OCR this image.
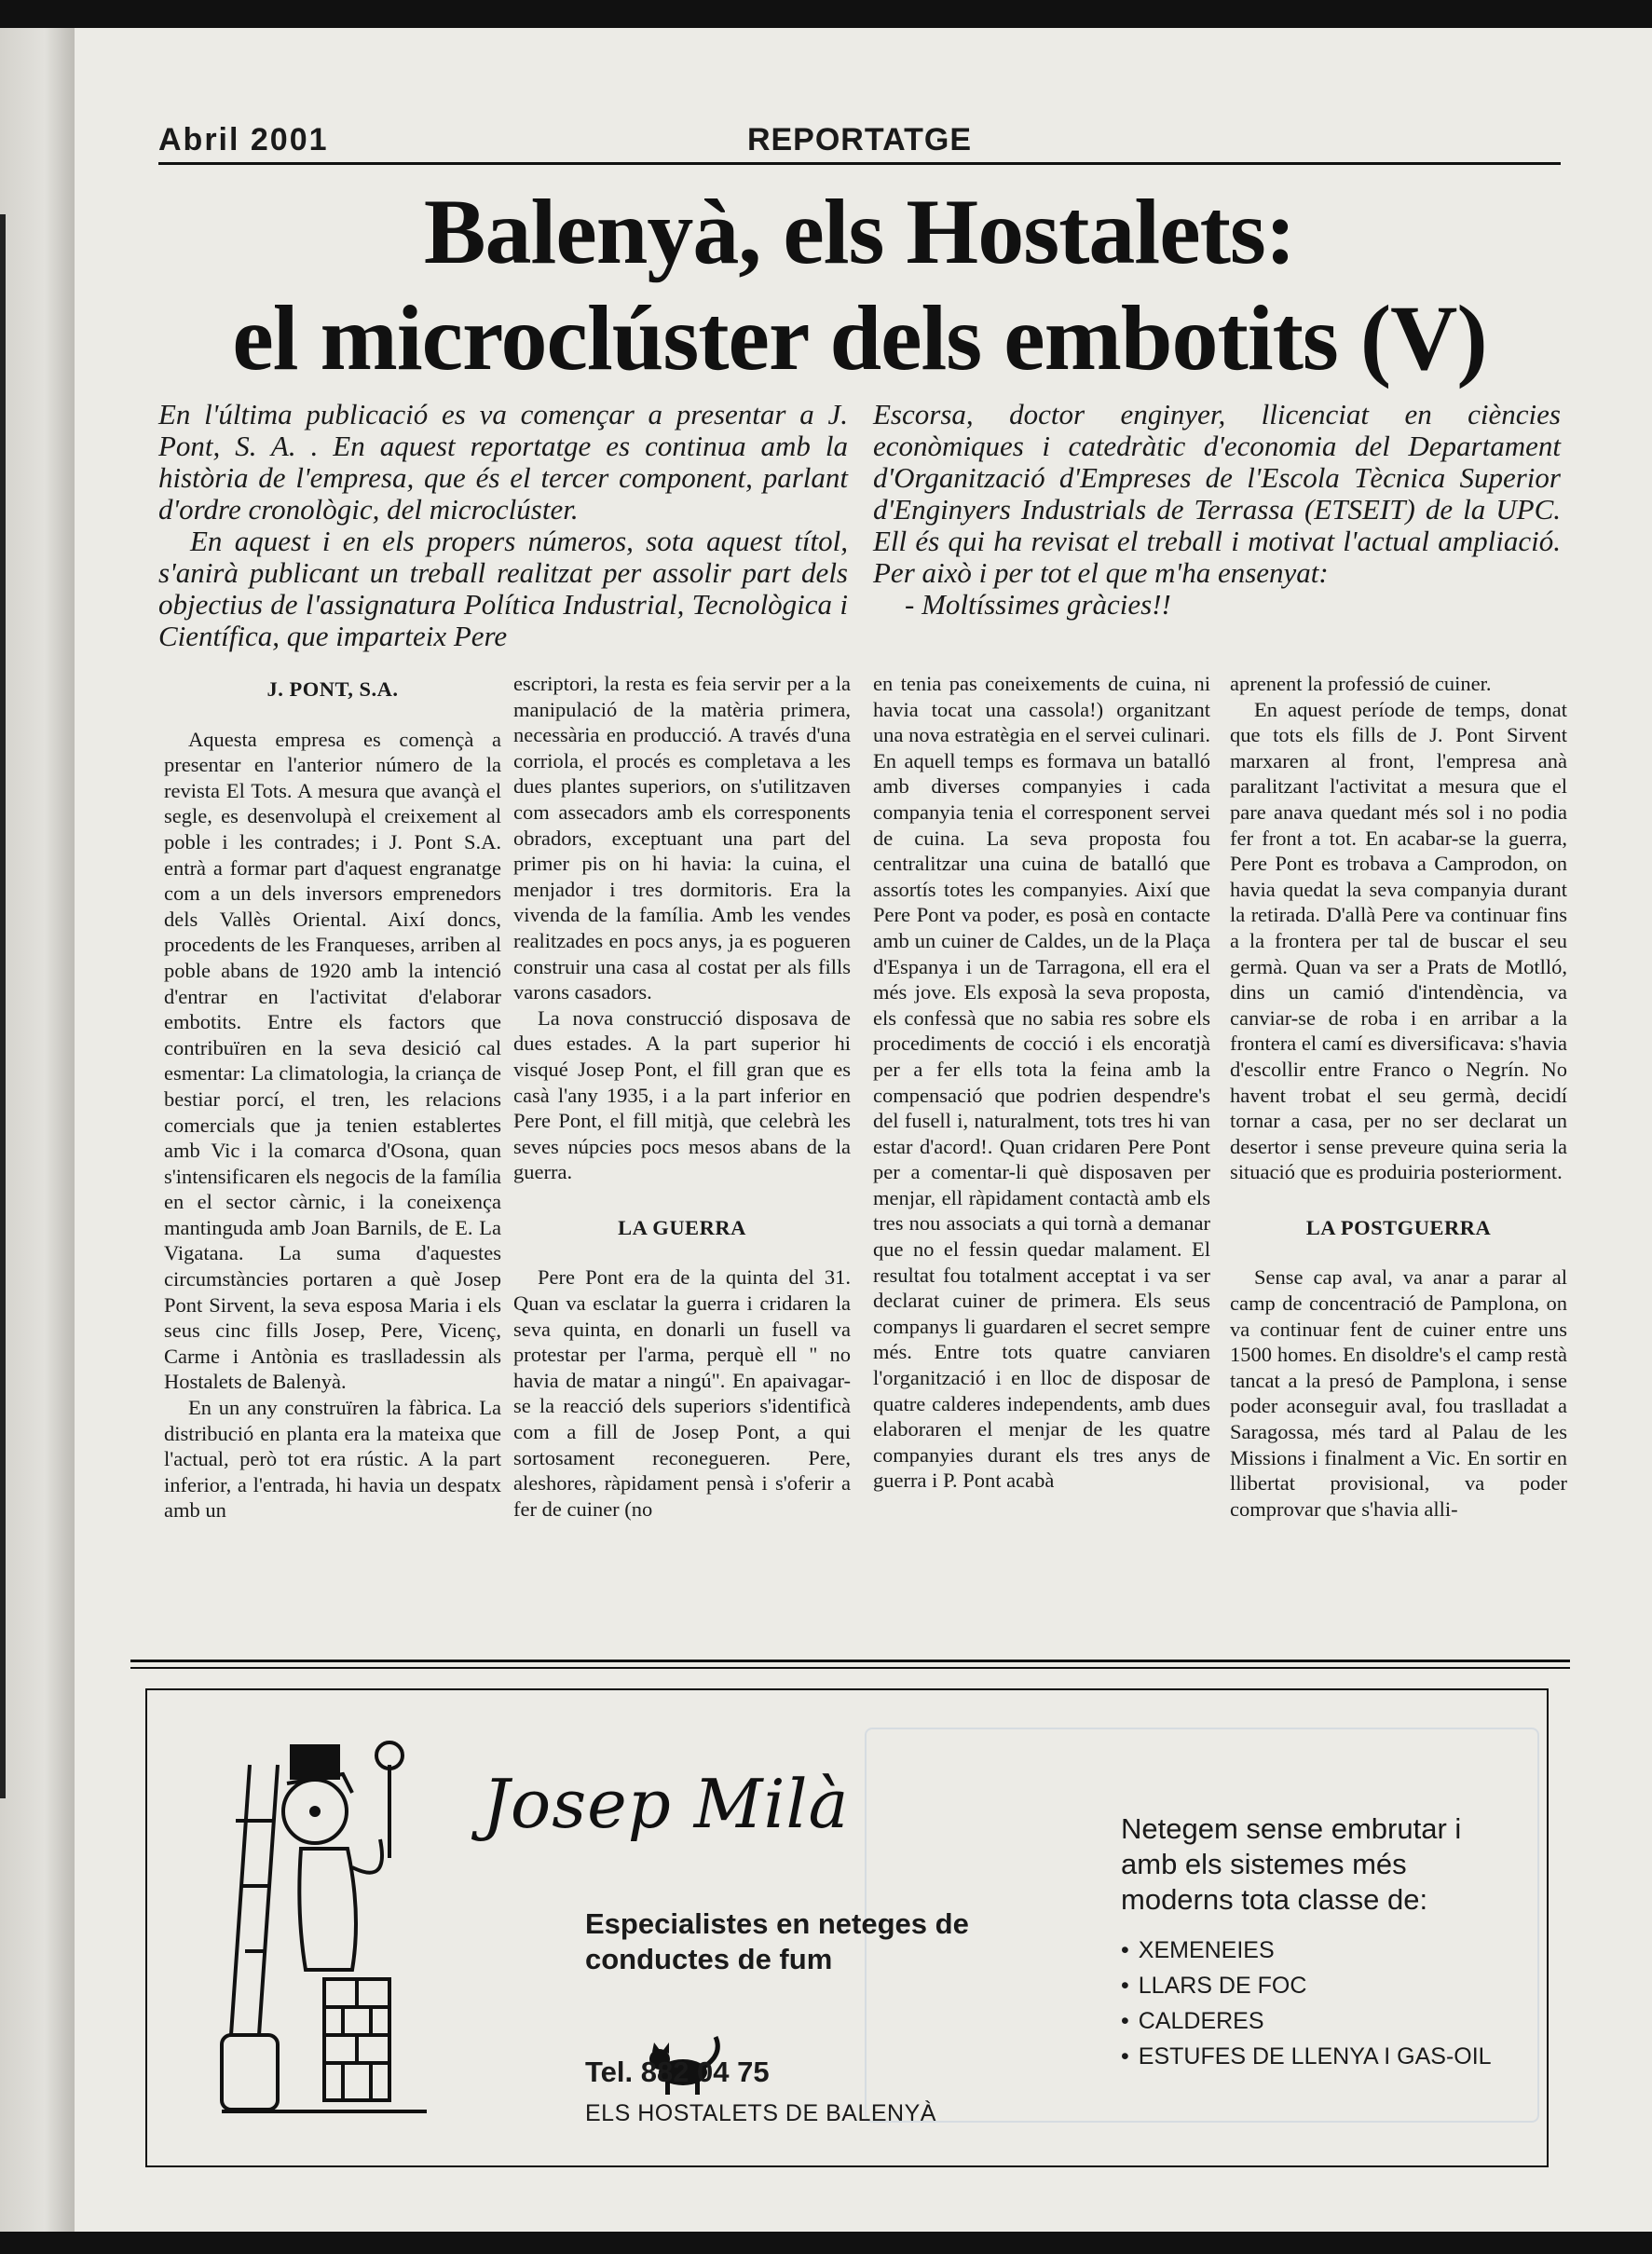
Abril 2001	REPORTATGE
Balenyà, els Hostalets:
el microclúster dels embotits (V)

En l'última publicació es va començar a presentar a J. Pont, S. A. . En aquest reportatge es continua amb la història de l'empresa, que és el tercer component, parlant d'ordre cronològic, del microclúster.

En aquest i en els propers números, sota aquest títol, s'anirà publicant un treball realitzat per assolir part dels objectius de l'assignatura Política Industrial, Tecnològica i Científica, que imparteix Pere

Escorsa, doctor enginyer, llicenciat en ciències econòmiques i catedràtic d'economia del Departament d'Organització d'Empreses de l'Escola Tècnica Superior d'Enginyers Industrials de Terrassa (ETSEIT) de la UPC. Ell és qui ha revisat el treball i motivat l'actual ampliació. Per això i per tot el que m'ha ensenyat:

- Moltíssimes gràcies!!

J. PONT, S.A.

Aquesta empresa es començà a presentar en l'anterior número de la revista El Tots. A mesura que avançà el segle, es desenvolupà el creixement al poble i les contrades; i J. Pont S.A. entrà a formar part d'aquest engranatge com a un dels inversors emprenedors dels Vallès Oriental. Així doncs, procedents de les Franqueses, arriben al poble abans de 1920 amb la intenció d'entrar en l'activitat d'elaborar embotits. Entre els factors que contribuïren en la seva desició cal esmentar: La climatologia, la criança de bestiar porcí, el tren, les relacions comercials que ja tenien establertes amb Vic i la comarca d'Osona, quan s'intensificaren els negocis de la família en el sector càrnic, i la coneixença mantinguda amb Joan Barnils, de E. La Vigatana. La suma d'aquestes circumstàncies portaren a què Josep Pont Sirvent, la seva esposa Maria i els seus cinc fills Josep, Pere, Vicenç, Carme i Antònia es traslladessin als Hostalets de Balenyà.

En un any construïren la fàbrica. La distribució en planta era la mateixa que l'actual, però tot era rústic. A la part inferior, a l'entrada, hi havia un despatx amb un

escriptori, la resta es feia servir per a la manipulació de la matèria primera, necessària en producció. A través d'una corriola, el procés es completava a les dues plantes superiors, on s'utilitzaven com assecadors amb els corresponents obradors, exceptuant una part del primer pis on hi havia: la cuina, el menjador i tres dormitoris. Era la vivenda de la família. Amb les vendes realitzades en pocs anys, ja es pogueren construir una casa al costat per als fills varons casadors.

La nova construcció disposava de dues estades. A la part superior hi visqué Josep Pont, el fill gran que es casà l'any 1935, i a la part inferior en Pere Pont, el fill mitjà, que celebrà les seves núpcies pocs mesos abans de la guerra.

LA GUERRA

Pere Pont era de la quinta del 31. Quan va esclatar la guerra i cridaren la seva quinta, en donarli un fusell va protestar per l'arma, perquè ell " no havia de matar a ningú". En apaivagar-se la reacció dels superiors s'identificà com a fill de Josep Pont, a qui sortosament reconegueren. Pere, aleshores, ràpidament pensà i s'oferir a fer de cuiner (no

en tenia pas coneixements de cuina, ni havia tocat una cassola!) organitzant una nova estratègia en el servei culinari. En aquell temps es formava un batalló amb diverses companyies i cada companyia tenia el corresponent servei de cuina. La seva proposta fou centralitzar una cuina de batalló que assortís totes les companyies. Així que Pere Pont va poder, es posà en contacte amb un cuiner de Caldes, un de la Plaça d'Espanya i un de Tarragona, ell era el més jove. Els exposà la seva proposta, els confessà que no sabia res sobre els procediments de cocció i els encoratjà per a fer ells tota la feina amb la compensació que podrien despendre's del fusell i, naturalment, tots tres hi van estar d'acord!. Quan cridaren Pere Pont per a comentar-li què disposaven per menjar, ell ràpidament contactà amb els tres nou associats a qui tornà a demanar que no el fessin quedar malament. El resultat fou totalment acceptat i va ser declarat cuiner de primera. Els seus companys li guardaren el secret sempre més. Entre tots quatre canviaren l'organització i en lloc de disposar de quatre calderes independents, amb dues elaboraren el menjar de les quatre companyies durant els tres anys de guerra i P. Pont acabà

aprenent la professió de cuiner.

En aquest període de temps, donat que tots els fills de J. Pont Sirvent marxaren al front, l'empresa anà paralitzant l'activitat a mesura que el pare anava quedant més sol i no podia fer front a tot. En acabar-se la guerra, Pere Pont es trobava a Camprodon, on havia quedat la seva companyia durant la retirada. D'allà Pere va continuar fins a la frontera per tal de buscar el seu germà. Quan va ser a Prats de Motlló, dins un camió d'intendència, va canviar-se de roba i en arribar a la frontera el camí es diversificava: s'havia d'escollir entre Franco o Negrín. No havent trobat el seu germà, decidí tornar a casa, per no ser declarat un desertor i sense preveure quina seria la situació que es produiria posteriorment.

LA POSTGUERRA

Sense cap aval, va anar a parar al camp de concentració de Pamplona, on va continuar fent de cuiner entre uns 1500 homes. En disoldre's el camp restà tancat a la presó de Pamplona, i sense poder aconseguir aval, fou traslladat a Saragossa, més tard al Palau de les Missions i finalment a Vic. En sortir en llibertat provisional, va poder comprovar que s'havia alli-

Josep Milà
Especialistes en neteges de conductes de fum
Tel. 882 04 75
ELS HOSTALETS DE BALENYÀ
Netegem sense embrutar i amb els sistemes més moderns tota classe de:
• XEMENEIES
• LLARS DE FOC
• CALDERES
• ESTUFES DE LLENYA I GAS-OIL
